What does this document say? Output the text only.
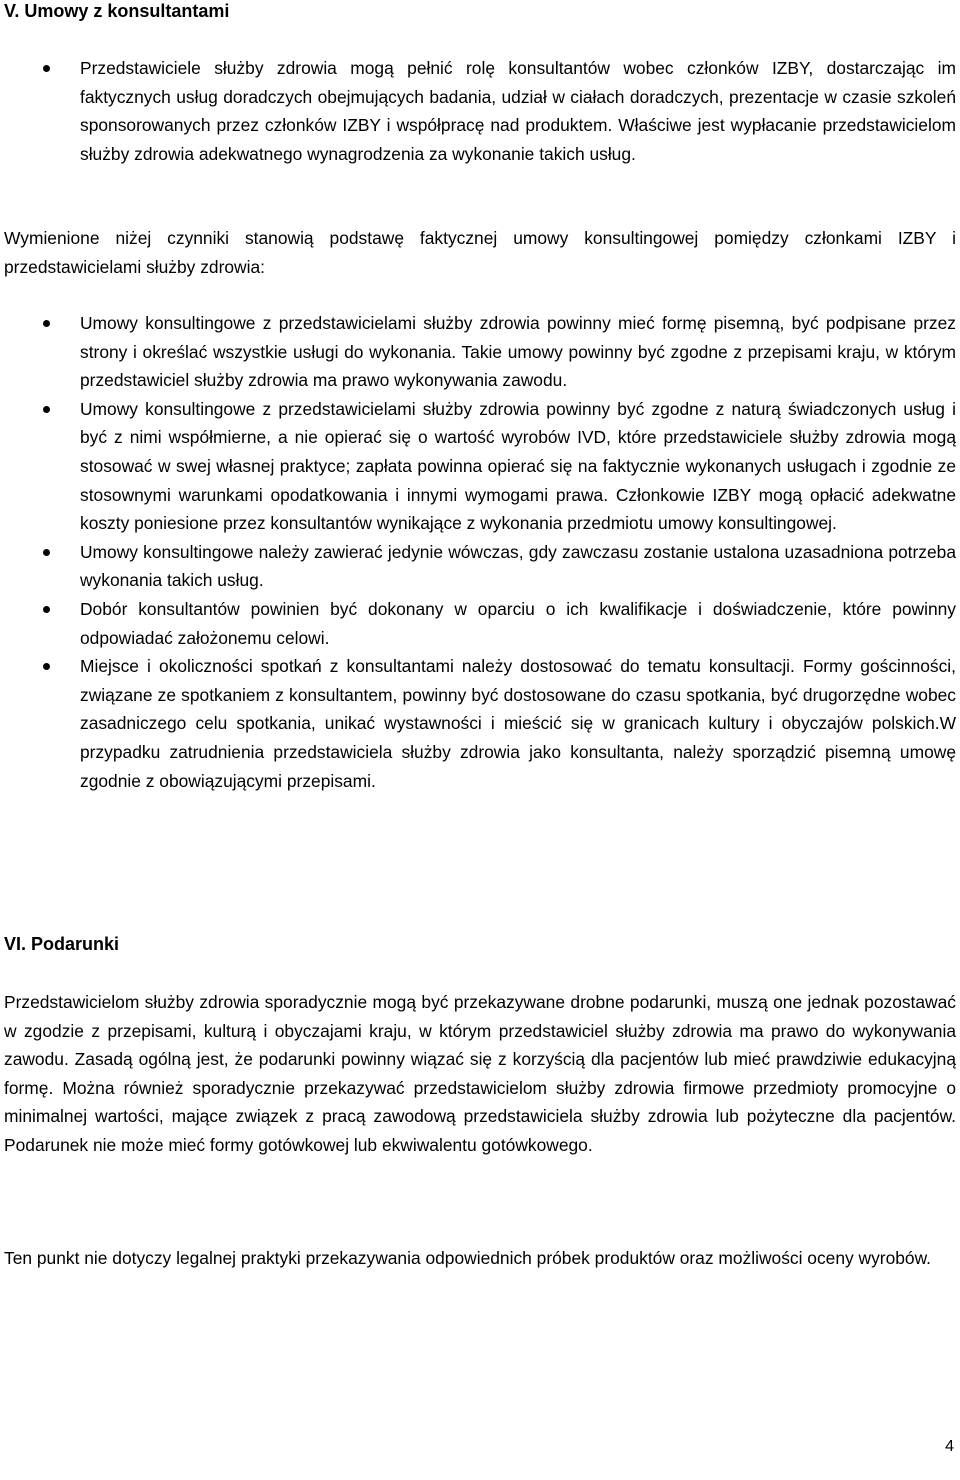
V. Umowy z konsultantami
Przedstawiciele służby zdrowia mogą pełnić rolę konsultantów wobec członków IZBY, dostarczając im faktycznych usług doradczych obejmujących badania, udział w ciałach doradczych, prezentacje w czasie szkoleń sponsorowanych przez członków IZBY i współpracę nad produktem. Właściwe jest wypłacanie przedstawicielom służby zdrowia adekwatnego wynagrodzenia za wykonanie takich usług.

Wymienione niżej czynniki stanowią podstawę faktycznej umowy konsultingowej pomiędzy członkami IZBY i przedstawicielami służby zdrowia:

Umowy konsultingowe z przedstawicielami służby zdrowia powinny mieć formę pisemną, być podpisane przez strony i określać wszystkie usługi do wykonania. Takie umowy powinny być zgodne z przepisami kraju, w którym przedstawiciel służby zdrowia ma prawo wykonywania zawodu.
Umowy konsultingowe z przedstawicielami służby zdrowia powinny być zgodne z naturą świadczonych usług i być z nimi współmierne, a nie opierać się o wartość wyrobów IVD, które przedstawiciele służby zdrowia mogą stosować w swej własnej praktyce; zapłata powinna opierać się na faktycznie wykonanych usługach i zgodnie ze stosownymi warunkami opodatkowania i innymi wymogami prawa. Członkowie IZBY mogą opłacić adekwatne koszty poniesione przez konsultantów wynikające z wykonania przedmiotu umowy konsultingowej.
Umowy konsultingowe należy zawierać jedynie wówczas, gdy zawczasu zostanie ustalona uzasadniona potrzeba wykonania takich usług.
Dobór konsultantów powinien być dokonany w oparciu o ich kwalifikacje i doświadczenie, które powinny odpowiadać założonemu celowi.
Miejsce i okoliczności spotkań z konsultantami należy dostosować do tematu konsultacji. Formy gościnności, związane ze spotkaniem z konsultantem, powinny być dostosowane do czasu spotkania, być drugorzędne wobec zasadniczego celu spotkania, unikać wystawności i mieścić się w granicach kultury i obyczajów polskich.W przypadku zatrudnienia przedstawiciela służby zdrowia jako konsultanta, należy sporządzić pisemną umowę zgodnie z obowiązującymi przepisami.
VI. Podarunki

Przedstawicielom służby zdrowia sporadycznie mogą być przekazywane drobne podarunki, muszą one jednak pozostawać w zgodzie z przepisami, kulturą i obyczajami kraju, w którym przedstawiciel służby zdrowia ma prawo do wykonywania zawodu. Zasadą ogólną jest, że podarunki powinny wiązać się z korzyścią dla pacjentów lub mieć prawdziwie edukacyjną formę. Można również sporadycznie przekazywać przedstawicielom służby zdrowia firmowe przedmioty promocyjne o minimalnej wartości, mające związek z pracą zawodową przedstawiciela służby zdrowia lub pożyteczne dla pacjentów. Podarunek nie może mieć formy gotówkowej lub ekwiwalentu gotówkowego.

Ten punkt nie dotyczy legalnej praktyki przekazywania odpowiednich próbek produktów oraz możliwości oceny wyrobów.

4
